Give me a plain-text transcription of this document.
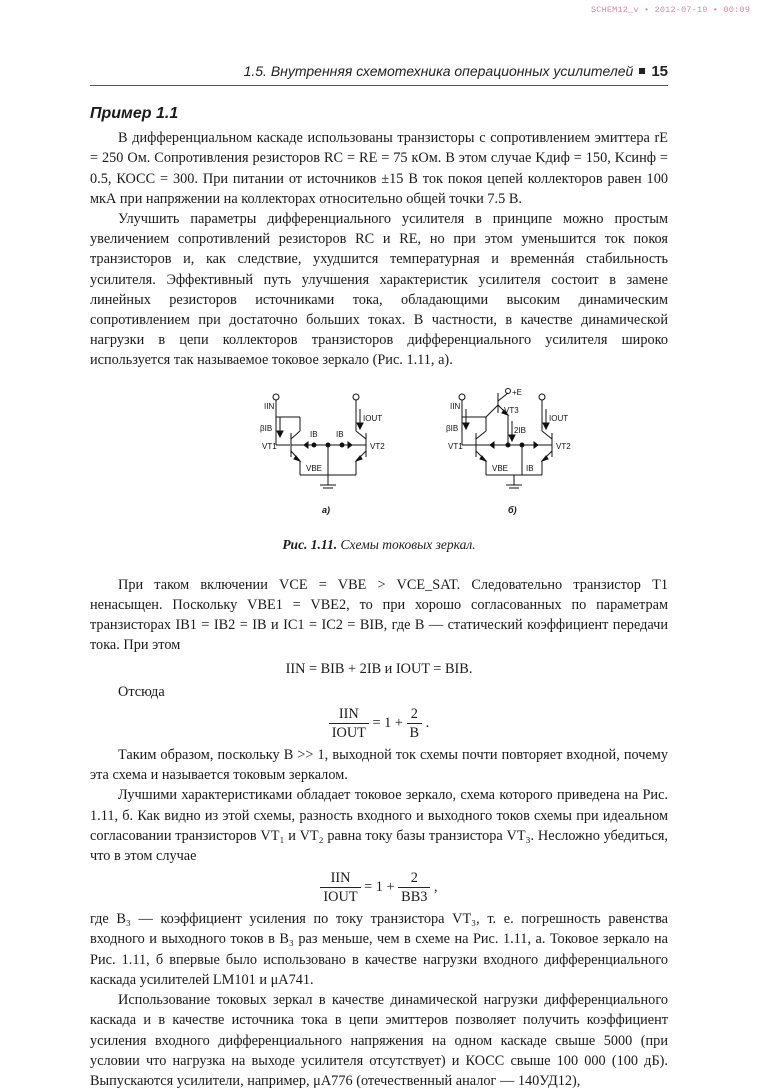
SCHEM12_v • 2012-07-19 • 00:09
1.5. Внутренняя схемотехника операционных усилителей 15
Пример 1.1

В дифференциальном каскаде использованы транзисторы с сопротивлением эмиттера rE = 250 Ом. Сопротивления резисторов RC = RE = 75 кОм. В этом случае Kдиф = 150, Kсинф = 0.5, КОСС = 300. При питании от источников ±15 В ток покоя цепей коллекторов равен 100 мкА при напряжении на коллекторах относительно общей точки 7.5 В.

Улучшить параметры дифференциального усилителя в принципе можно простым увеличением сопротивлений резисторов RC и RE, но при этом уменьшится ток покоя транзисторов и, как следствие, ухудшится температурная и временнáя стабильность усилителя. Эффективный путь улучшения характеристик усилителя состоит в замене линейных резисторов источниками тока, обладающими высоким динамическим сопротивлением при достаточно больших токах. В частности, в качестве динамической нагрузки в цепи коллекторов транзисторов дифференциального усилителя широко используется так называемое токовое зеркало (Рис. 1.11, а).

IIN
βIB
IB IB
IOUT
VT1	VT2
VBE
а)
+E
IIN
βIB
VT3
2IB
IOUT
VT1	VT2
VBE IB
б)
Рис. 1.11. Схемы токовых зеркал.

При таком включении VCE = VBE > VCE_SAT. Следовательно транзистор T1 ненасыщен. Поскольку VBE1 = VBE2, то при хорошо согласованных по параметрам транзисторах IB1 = IB2 = IB и IC1 = IC2 = BIB, где B — статический коэффициент передачи тока. При этом

IIN = BIB + 2IB и IOUT = BIB.

Отсюда

$\frac{\text{IIN}}{\text{IOUT}} = 1 + \frac{2}{B}$ .

Таким образом, поскольку B >> 1, выходной ток схемы почти повторяет входной, почему эта схема и называется токовым зеркалом.

Лучшими характеристиками обладает токовое зеркало, схема которого приведена на Рис. 1.11, б. Как видно из этой схемы, разность входного и выходного токов схемы при идеальном согласовании транзисторов VT₁ и VT₂ равна току базы транзистора VT₃. Несложно убедиться, что в этом случае

$\frac{\text{IIN}}{\text{IOUT}} = 1 + \frac{2}{BB3}$ ,

где B₃ — коэффициент усиления по току транзистора VT₃, т. е. погрешность равенства входного и выходного токов в B₃ раз меньше, чем в схеме на Рис. 1.11, а. Токовое зеркало на Рис. 1.11, б впервые было использовано в качестве нагрузки входного дифференциального каскада усилителей LM101 и μA741.

Использование токовых зеркал в качестве динамической нагрузки дифференциального каскада и в качестве источника тока в цепи эмиттеров позволяет получить коэффициент усиления входного дифференциального напряжения на одном каскаде свыше 5000 (при условии что нагрузка на выходе усилителя отсутствует) и КОСС свыше 100 000 (100 дБ). Выпускаются усилители, например, μA776 (отечественный аналог — 140УД12),
